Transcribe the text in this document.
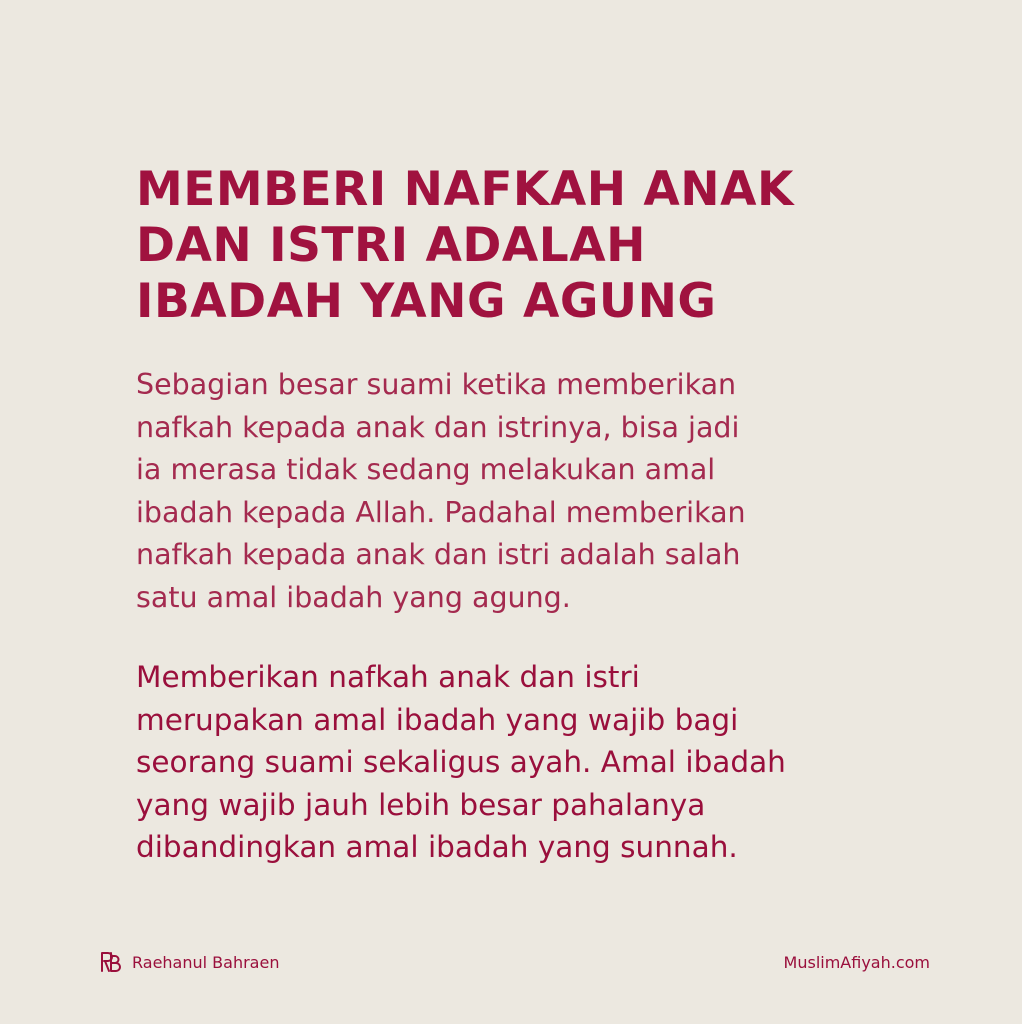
MEMBERI NAFKAH ANAK
DAN ISTRI ADALAH
IBADAH YANG AGUNG

Sebagian besar suami ketika memberikan
nafkah kepada anak dan istrinya, bisa jadi
ia merasa tidak sedang melakukan amal
ibadah kepada Allah. Padahal memberikan
nafkah kepada anak dan istri adalah salah
satu amal ibadah yang agung.

Memberikan nafkah anak dan istri
merupakan amal ibadah yang wajib bagi
seorang suami sekaligus ayah. Amal ibadah
yang wajib jauh lebih besar pahalanya
dibandingkan amal ibadah yang sunnah.

Raehanul Bahraen	MuslimAfiyah.com
